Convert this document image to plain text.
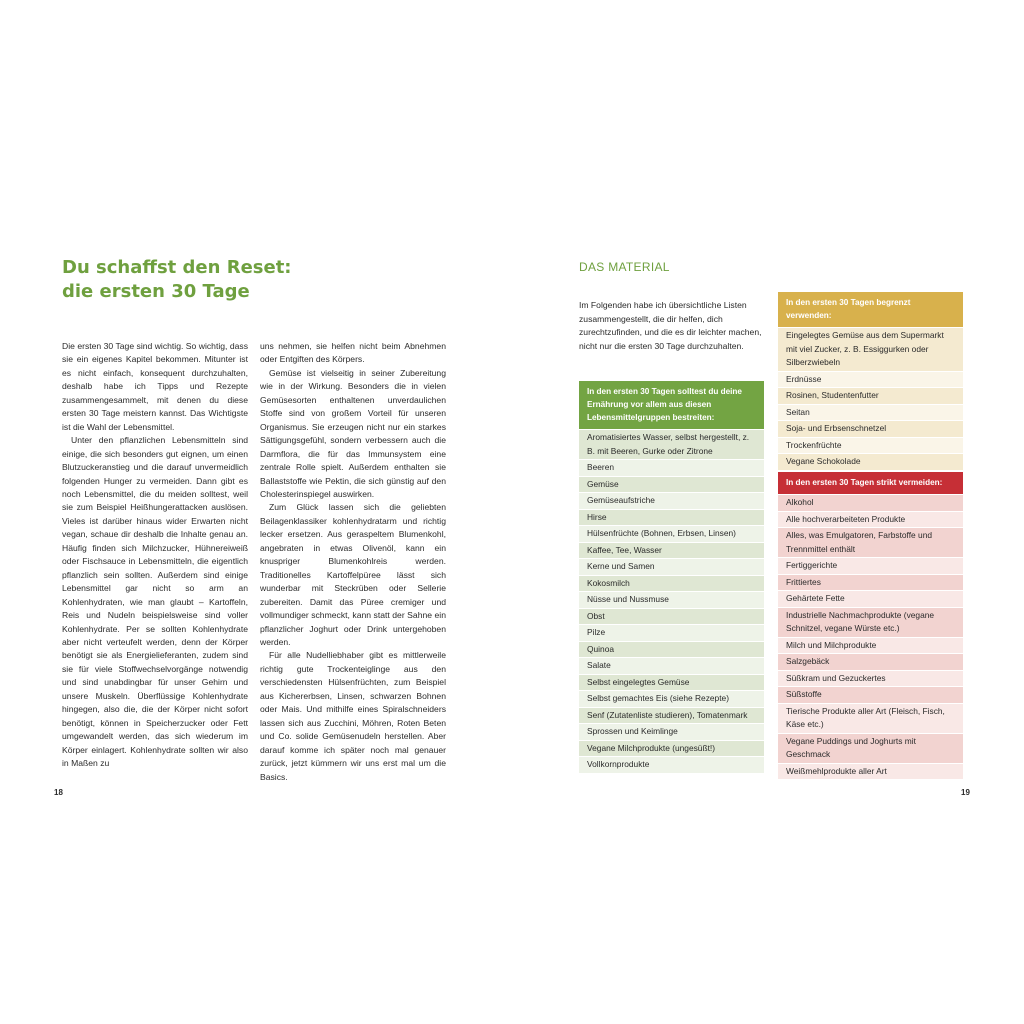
Du schaffst den Reset:
die ersten 30 Tage

Die ersten 30 Tage sind wichtig. So wichtig, dass sie ein eigenes Kapitel bekommen. Mitunter ist es nicht einfach, konsequent durchzuhalten, deshalb habe ich Tipps und Rezepte zusammengesammelt, mit denen du diese ersten 30 Tage meistern kannst. Das Wichtigste ist die Wahl der Lebensmittel.

Unter den pflanzlichen Lebensmitteln sind einige, die sich besonders gut eignen, um einen Blutzuckeranstieg und die darauf unvermeidlich folgenden Hunger zu vermeiden. Dann gibt es noch Lebensmittel, die du meiden solltest, weil sie zum Beispiel Heißhungerattacken auslösen. Vieles ist darüber hinaus wider Erwarten nicht vegan, schaue dir deshalb die Inhalte genau an. Häufig finden sich Milchzucker, Hühnereiweiß oder Fischsauce in Lebensmitteln, die eigentlich pflanzlich sein sollten. Außerdem sind einige Lebensmittel gar nicht so arm an Kohlenhydraten, wie man glaubt – Kartoffeln, Reis und Nudeln beispielsweise sind voller Kohlenhydrate. Per se sollten Kohlenhydrate aber nicht verteufelt werden, denn der Körper benötigt sie als Energielieferanten, zudem sind sie für viele Stoffwechselvorgänge notwendig und sind unabdingbar für unser Gehirn und unsere Muskeln. Überflüssige Kohlenhydrate hingegen, also die, die der Körper nicht sofort benötigt, können in Speicherzucker oder Fett umgewandelt werden, das sich wiederum im Körper einlagert. Kohlenhydrate sollten wir also in Maßen zu

uns nehmen, sie helfen nicht beim Abnehmen oder Entgiften des Körpers.

Gemüse ist vielseitig in seiner Zubereitung wie in der Wirkung. Besonders die in vielen Gemüsesorten enthaltenen unverdaulichen Stoffe sind von großem Vorteil für unseren Organismus. Sie erzeugen nicht nur ein starkes Sättigungsgefühl, sondern verbessern auch die Darmflora, die für das Immunsystem eine zentrale Rolle spielt. Außerdem enthalten sie Ballaststoffe wie Pektin, die sich günstig auf den Cholesterinspiegel auswirken.

Zum Glück lassen sich die geliebten Beilagenklassiker kohlenhydratarm und richtig lecker ersetzen. Aus geraspeltem Blumenkohl, angebraten in etwas Olivenöl, kann ein knuspriger Blumenkohlreis werden. Traditionelles Kartoffelpüree lässt sich wunderbar mit Steckrüben oder Sellerie zubereiten. Damit das Püree cremiger und vollmundiger schmeckt, kann statt der Sahne ein pflanzlicher Joghurt oder Drink untergehoben werden.

Für alle Nudelliebhaber gibt es mittlerweile richtig gute Trockenteiglinge aus den verschiedensten Hülsenfrüchten, zum Beispiel aus Kichererbsen, Linsen, schwarzen Bohnen oder Mais. Und mithilfe eines Spiralschneiders lassen sich aus Zucchini, Möhren, Roten Beten und Co. solide Gemüsenudeln herstellen. Aber darauf komme ich später noch mal genauer zurück, jetzt kümmern wir uns erst mal um die Basics.

18
DAS MATERIAL

Im Folgenden habe ich übersichtliche Listen zusammengestellt, die dir helfen, dich zurechtzufinden, und die es dir leichter machen, nicht nur die ersten 30 Tage durchzuhalten.

In den ersten 30 Tagen solltest du deine Ernährung vor allem aus diesen Lebensmittelgruppen bestreiten:
Aromatisiertes Wasser, selbst hergestellt, z. B. mit Beeren, Gurke oder Zitrone
Beeren
Gemüse
Gemüseaufstriche
Hirse
Hülsenfrüchte (Bohnen, Erbsen, Linsen)
Kaffee, Tee, Wasser
Kerne und Samen
Kokosmilch
Nüsse und Nussmuse
Obst
Pilze
Quinoa
Salate
Selbst eingelegtes Gemüse
Selbst gemachtes Eis (siehe Rezepte)
Senf (Zutatenliste studieren), Tomatenmark
Sprossen und Keimlinge
Vegane Milchprodukte (ungesüßt!)
Vollkornprodukte
In den ersten 30 Tagen begrenzt verwenden:
Eingelegtes Gemüse aus dem Supermarkt mit viel Zucker, z. B. Essiggurken oder Silberzwiebeln
Erdnüsse
Rosinen, Studentenfutter
Seitan
Soja- und Erbsenschnetzel
Trockenfrüchte
Vegane Schokolade
In den ersten 30 Tagen strikt vermeiden:
Alkohol
Alle hochverarbeiteten Produkte
Alles, was Emulgatoren, Farbstoffe und Trennmittel enthält
Fertiggerichte
Frittiertes
Gehärtete Fette
Industrielle Nachmachprodukte (vegane Schnitzel, vegane Würste etc.)
Milch und Milchprodukte
Salzgebäck
Süßkram und Gezuckertes
Süßstoffe
Tierische Produkte aller Art (Fleisch, Fisch, Käse etc.)
Vegane Puddings und Joghurts mit Geschmack
Weißmehlprodukte aller Art
19
